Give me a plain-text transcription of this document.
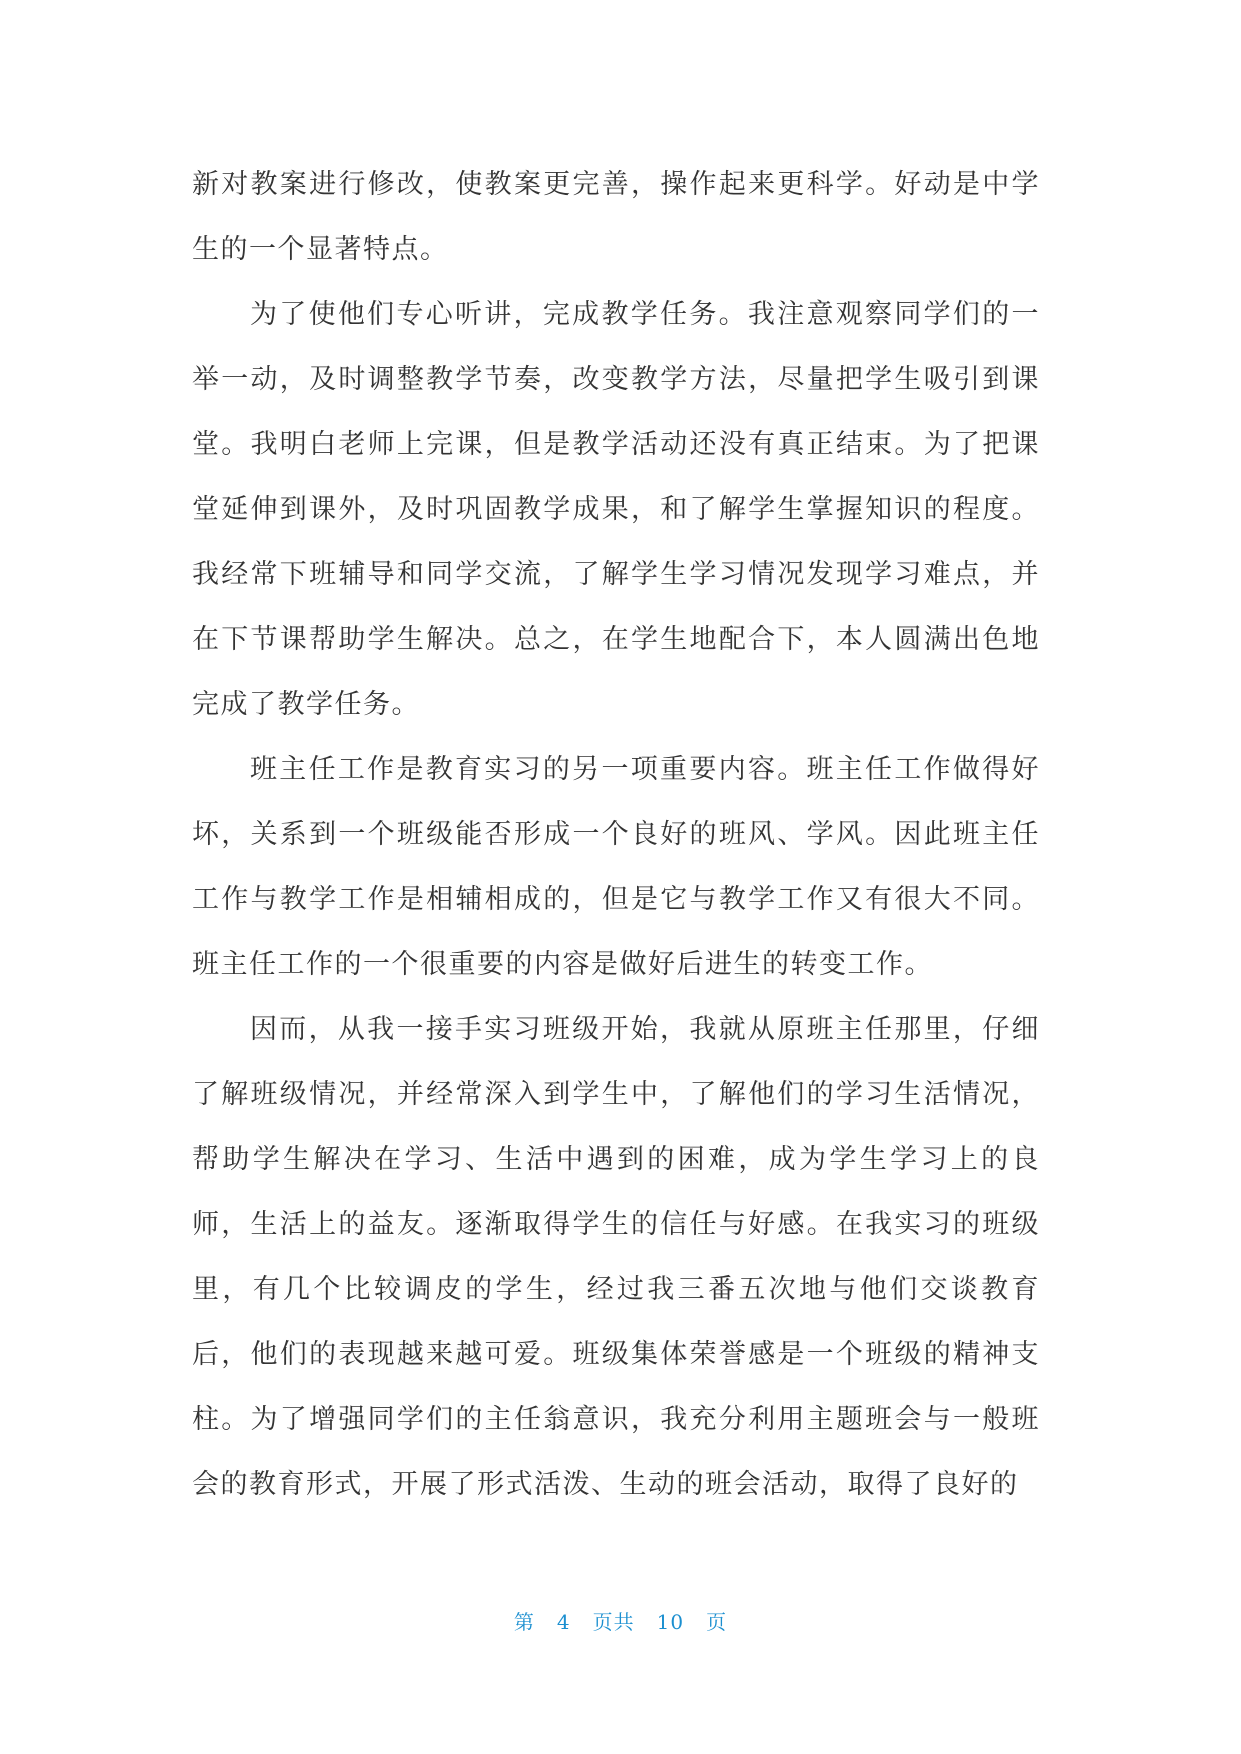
新对教案进行修改，使教案更完善，操作起来更科学。好动是中学生的一个显著特点。

为了使他们专心听讲，完成教学任务。我注意观察同学们的一举一动，及时调整教学节奏，改变教学方法，尽量把学生吸引到课堂。我明白老师上完课，但是教学活动还没有真正结束。为了把课堂延伸到课外，及时巩固教学成果，和了解学生掌握知识的程度。我经常下班辅导和同学交流，了解学生学习情况发现学习难点，并在下节课帮助学生解决。总之，在学生地配合下，本人圆满出色地完成了教学任务。

班主任工作是教育实习的另一项重要内容。班主任工作做得好坏，关系到一个班级能否形成一个良好的班风、学风。因此班主任工作与教学工作是相辅相成的，但是它与教学工作又有很大不同。班主任工作的一个很重要的内容是做好后进生的转变工作。

因而，从我一接手实习班级开始，我就从原班主任那里，仔细了解班级情况，并经常深入到学生中，了解他们的学习生活情况，帮助学生解决在学习、生活中遇到的困难，成为学生学习上的良师，生活上的益友。逐渐取得学生的信任与好感。在我实习的班级里，有几个比较调皮的学生，经过我三番五次地与他们交谈教育后，他们的表现越来越可爱。班级集体荣誉感是一个班级的精神支柱。为了增强同学们的主任翁意识，我充分利用主题班会与一般班会的教育形式，开展了形式活泼、生动的班会活动，取得了良好的

第 4 页共 10 页
